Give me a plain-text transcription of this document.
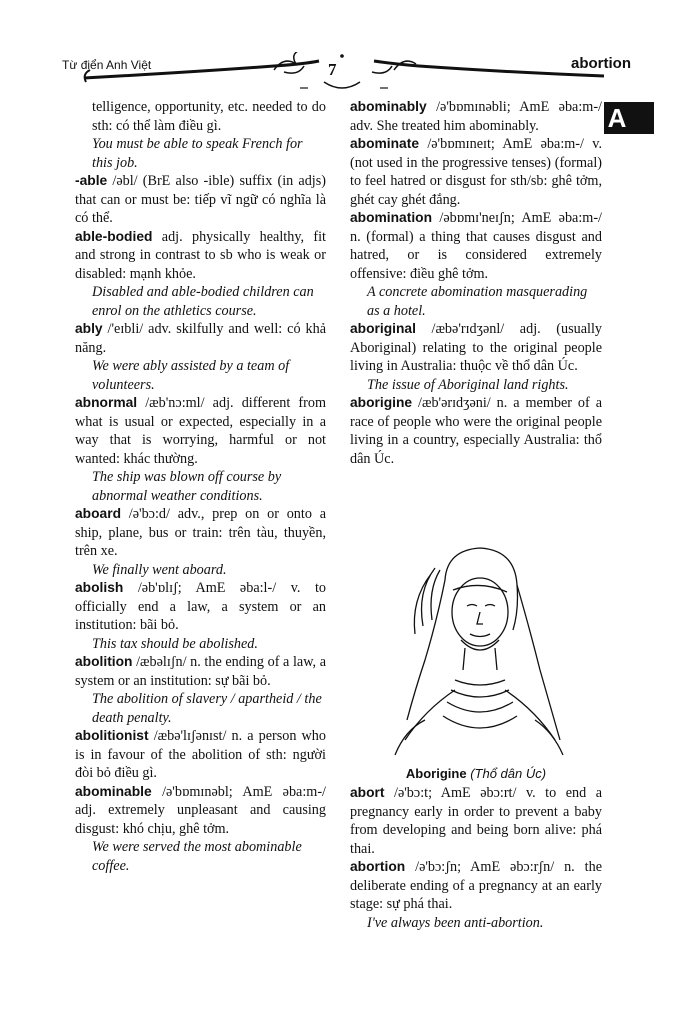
Từ điển Anh Việt	7	abortion
A
telligence, opportunity, etc. needed to do sth: có thể làm điều gì.
You must be able to speak French for this job.

-able /əbl/ (BrE also -ible) suffix (in adjs) that can or must be: tiếp vĩ ngữ có nghĩa là có thể.

able-bodied adj. physically healthy, fit and strong in contrast to sb who is weak or disabled: mạnh khỏe.

Disabled and able-bodied children can enrol on the athletics course.

ably /'eɪbli/ adv. skilfully and well: có khả năng.

We were ably assisted by a team of volunteers.

abnormal /æb'nɔ:ml/ adj. different from what is usual or expected, especially in a way that is worrying, harmful or not wanted: khác thường.

The ship was blown off course by abnormal weather conditions.

aboard /ə'bɔ:d/ adv., prep on or onto a ship, plane, bus or train: trên tàu, thuyền, trên xe.

We finally went aboard.

abolish /əb'ɒlɪʃ; AmE əba:l-/ v. to officially end a law, a system or an institution: bãi bỏ.

This tax should be abolished.

abolition /æbəlɪʃn/ n. the ending of a law, a system or an institution: sự bãi bỏ.

The abolition of slavery / apartheid / the death penalty.

abolitionist /æbə'lɪʃənɪst/ n. a person who is in favour of the abolition of sth: người đòi bỏ điều gì.

abominable /ə'bɒmɪnəbl; AmE əba:m-/ adj. extremely unpleasant and causing disgust: khó chịu, ghê tởm.

We were served the most abominable coffee.

abominably /ə'bɒmɪnəbli; AmE əba:m-/ adv. She treated him abominably.

abominate /ə'bɒmɪneɪt; AmE əba:m-/ v. (not used in the progressive tenses) (formal) to feel hatred or disgust for sth/sb: ghê tởm, ghét cay ghét đắng.

abomination /əbɒmɪ'neɪʃn; AmE əba:m-/ n. (formal) a thing that causes disgust and hatred, or is considered extremely offensive: điều ghê tởm.

A concrete abomination masquerading as a hotel.

aboriginal /æbə'rɪdʒənl/ adj. (usually Aboriginal) relating to the original people living in Australia: thuộc về thổ dân Úc.

The issue of Aboriginal land rights.

aborigine /æb'ərɪdʒəni/ n. a member of a race of people who were the original people living in a country, especially Australia: thổ dân Úc.

Aborigine (Thổ dân Úc)

abort /ə'bɔ:t; AmE əbɔ:rt/ v. to end a pregnancy early in order to prevent a baby from developing and being born alive: phá thai.

abortion /ə'bɔ:ʃn; AmE əbɔ:rʃn/ n. the deliberate ending of a pregnancy at an early stage: sự phá thai.

I've always been anti-abortion.
